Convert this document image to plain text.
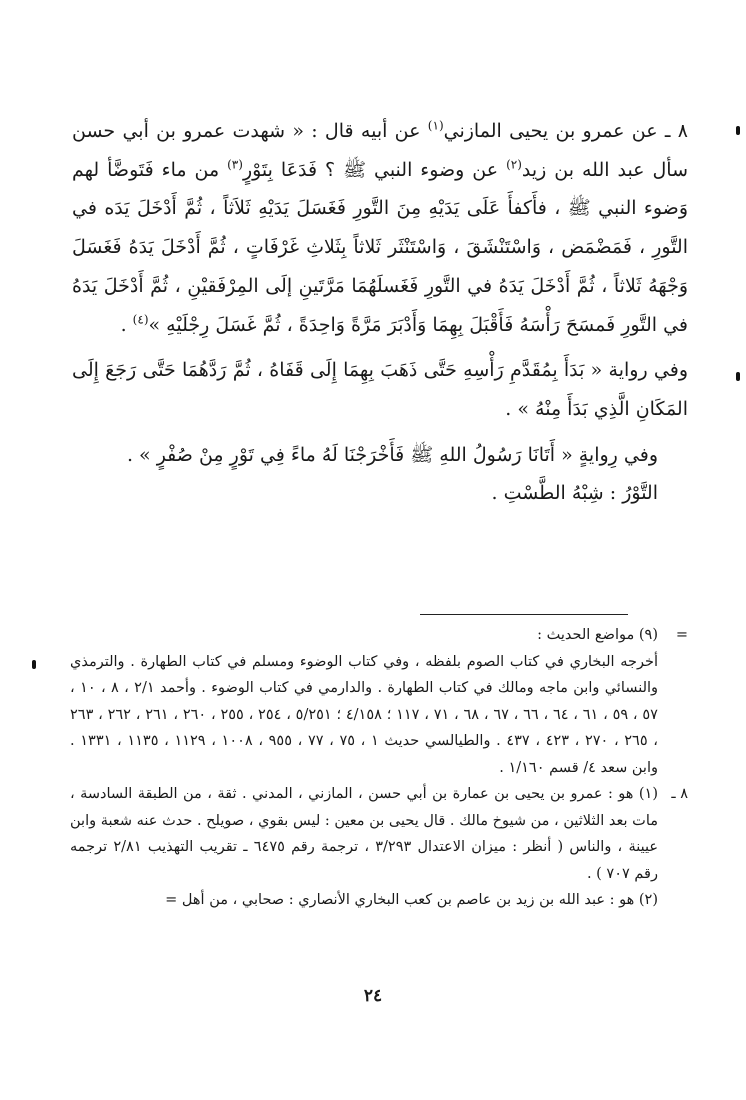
٨ ـ عن عمرو بن يحيى المازني$^{(١)}$ عن أبيه قال : « شهدت عمرو بن أبي حسن سأل عبد الله بن زيد$^{(٢)}$ عن وضوء النبي ﷺ ؟ فَدَعَا بِتَوْرٍ$^{(٣)}$ من ماء فَتَوضَّأ لهم وَضوء النبي ﷺ ، فأَكفأَ عَلَى يَدَيْهِ مِنَ التَّورِ فَغَسَلَ يَدَيْهِ ثَلاَثاً ، ثُمَّ أَدْخَلَ يَدَه في التَّورِ ، فَمَضْمَض ، وَاسْتَنْشَقَ ، وَاسْتَنْثَر ثَلاثاً بِثَلاثِ غَرْفَاتٍ ، ثُمَّ أَدْخَلَ يَدَهُ فَغَسَلَ وَجْهَهُ ثَلاثاً ، ثُمَّ أَدْخَلَ يَدَهُ في التَّورِ فَغَسلَهُمَا مَرَّتَينِ إلَى المِرْفَقيْنِ ، ثُمَّ أَدْخَلَ يَدَهُ في التَّورِ فَمسَحَ رَأْسَهُ فَأَقْبَلَ بِهِمَا وَأَدْبَرَ مَرَّةً وَاحِدَةً ، ثُمَّ غَسَلَ رِجْلَيْهِ »$^{(٤)}$ .

وفي رواية « بَدَأَ بِمُقَدَّمِ رَأْسِهِ حَتَّى ذَهَبَ بِهِمَا إِلَى قَفَاهُ ، ثُمَّ رَدَّهُمَا حَتَّى رَجَعَ إِلَى المَكَانِ الَّذِي بَدَأَ مِنْهُ » .

وفي رِوايةٍ « أَتَانَا رَسُولُ اللهِ ﷺ فَأَخْرَجْنَا لَهُ ماءً فِي تَوْرٍ مِنْ صُفْرٍ » .

التَّوْرُ : شِبْهُ الطَّسْتِ .

=

(٩) مواضع الحديث :

أخرجه البخاري في كتاب الصوم بلفظه ، وفي كتاب الوضوء ومسلم في كتاب الطهارة . والترمذي والنسائي وابن ماجه ومالك في كتاب الطهارة . والدارمي في كتاب الوضوء . وأحمد ٢/١ ، ٨ ، ١٠ ، ٥٧ ، ٥٩ ، ٦١ ، ٦٤ ، ٦٦ ، ٦٧ ، ٦٨ ، ٧١ ، ١١٧ ؛ ٤/١٥٨ ؛ ٥/٢٥١ ، ٢٥٤ ، ٢٥٥ ، ٢٦٠ ، ٢٦١ ، ٢٦٢ ، ٢٦٣ ، ٢٦٥ ، ٢٧٠ ، ٤٢٣ ، ٤٣٧ . والطيالسي حديث ١ ، ٧٥ ، ٧٧ ، ٩٥٥ ، ١٠٠٨ ، ١١٢٩ ، ١١٣٥ ، ١٣٣١ . وابن سعد ٤/ قسم ١/١٦٠ .

٨ ـ

(١) هو : عمرو بن يحيى بن عمارة بن أبي حسن ، المازني ، المدني . ثقة ، من الطبقة السادسة ، مات بعد الثلاثين ، من شيوخ مالك . قال يحيى بن معين : ليس بقوي ، صويلح . حدث عنه شعبة وابن عيينة ، والناس ( أنظر : ميزان الاعتدال ٣/٢٩٣ ، ترجمة رقم ٦٤٧٥ ـ تقريب التهذيب ٢/٨١ ترجمه رقم ٧٠٧ ) .

(٢) هو : عبد الله بن زيد بن عاصم بن كعب البخاري الأنصاري : صحابي ، من أهل =

٢٤
